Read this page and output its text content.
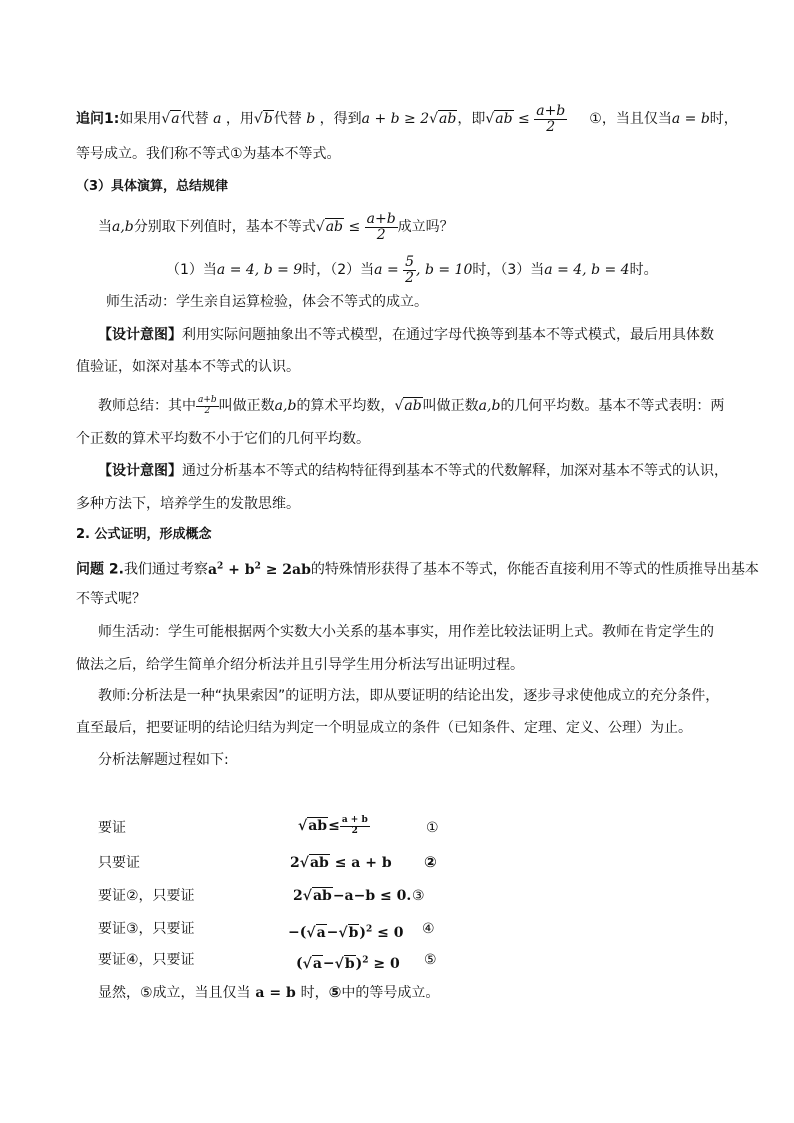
追问1:如果用√a代替 a ，用√b代替 b ，得到a + b ≥ 2√ab，即$√ab \le \frac{a+b}{2}$ ①，当且仅当a = b时，
等号成立。我们称不等式①为基本不等式。
（3）具体演算，总结规律
当a,b分别取下列值时，基本不等式$√ab \le \frac{a+b}{2}$ 成立吗？
（1）当a = 4, b = 9时，（2）当$a = \frac{5}{2}$ , b = 10时，（3）当a = 4, b = 4时。
师生活动：学生亲自运算检验，体会不等式的成立。
【设计意图】利用实际问题抽象出不等式模型，在通过字母代换等到基本不等式模式，最后用具体数
值验证，如深对基本不等式的认识。
教师总结：其中 $\frac{a+b}{2}$ 叫做正数a,b的算术平均数，√ab叫做正数a,b的几何平均数。基本不等式表明：两
个正数的算术平均数不小于它们的几何平均数。
【设计意图】通过分析基本不等式的结构特征得到基本不等式的代数解释，加深对基本不等式的认识，
多种方法下，培养学生的发散思维。
2. 公式证明，形成概念
问题 2.我们通过考察$a^2 + b^2 \ge 2ab$的特殊情形获得了基本不等式，你能否直接利用不等式的性质推导出基本
不等式呢？
师生活动：学生可能根据两个实数大小关系的基本事实，用作差比较法证明上式。教师在肯定学生的
做法之后，给学生简单介绍分析法并且引导学生用分析法写出证明过程。
教师:分析法是一种“执果索因”的证明方法，即从要证明的结论出发，逐步寻求使他成立的充分条件，
直至最后，把要证明的结论归结为判定一个明显成立的条件（已知条件、定理、定义、公理）为止。
分析法解题过程如下:
要证	$√ab\le \frac{a + b}{2}$	①
只要证	2√ab ≤ a + b ②
要证②，只要证	2√ab−a−b ≤ 0. ③
要证③，只要证	$-(√a-√b)^2 \le 0$ ④
要证④，只要证	$(√a-√b)^2 \ge 0$ ⑤
显然，⑤成立，当且仅当 a = b 时，⑤中的等号成立。
